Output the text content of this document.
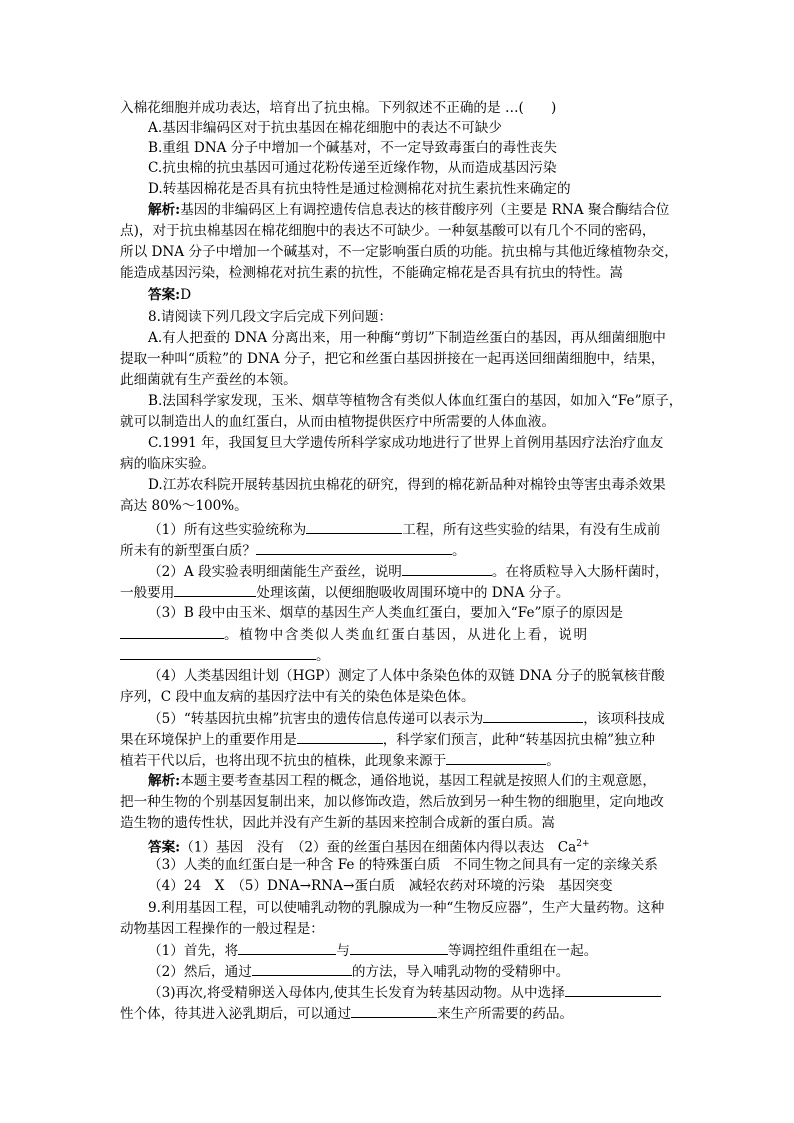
入棉花细胞并成功表达，培育出了抗虫棉。下列叙述不正确的是 …(　　)
A.基因非编码区对于抗虫基因在棉花细胞中的表达不可缺少
B.重组 DNA 分子中增加一个碱基对，不一定导致毒蛋白的毒性丧失
C.抗虫棉的抗虫基因可通过花粉传递至近缘作物，从而造成基因污染
D.转基因棉花是否具有抗虫特性是通过检测棉花对抗生素抗性来确定的
解析:基因的非编码区上有调控遗传信息表达的核苷酸序列（主要是 RNA 聚合酶结合位
点)，对于抗虫棉基因在棉花细胞中的表达不可缺少。一种氨基酸可以有几个不同的密码，
所以 DNA 分子中增加一个碱基对，不一定影响蛋白质的功能。抗虫棉与其他近缘植物杂交，
能造成基因污染，检测棉花对抗生素的抗性，不能确定棉花是否具有抗虫的特性。嵩
答案:D
8.请阅读下列几段文字后完成下列问题：
A.有人把蚕的 DNA 分离出来，用一种酶“剪切”下制造丝蛋白的基因，再从细菌细胞中
提取一种叫“质粒”的 DNA 分子，把它和丝蛋白基因拼接在一起再送回细菌细胞中，结果，
此细菌就有生产蚕丝的本领。
B.法国科学家发现，玉米、烟草等植物含有类似人体血红蛋白的基因，如加入“Fe”原子，
就可以制造出人的血红蛋白，从而由植物提供医疗中所需要的人体血液。
C.1991 年，我国复旦大学遗传所科学家成功地进行了世界上首例用基因疗法治疗血友
病的临床实验。
D.江苏农科院开展转基因抗虫棉花的研究，得到的棉花新品种对棉铃虫等害虫毒杀效果
高达 80%～100%。
（1）所有这些实验统称为	工程，所有这些实验的结果，有没有生成前
所未有的新型蛋白质？	。
（2）A 段实验表明细菌能生产蚕丝，说明	。在将质粒导入大肠杆菌时，
一般要用	处理该菌，以便细胞吸收周围环境中的 DNA 分子。
（3）B 段中由玉米、烟草的基因生产人类血红蛋白，要加入“Fe”原子的原因是
。植物中含类似人类血红蛋白基因，从进化上看，说明
。
（4）人类基因组计划（HGP）测定了人体中条染色体的双链 DNA 分子的脱氧核苷酸
序列，C 段中血友病的基因疗法中有关的染色体是染色体。
（5）“转基因抗虫棉”抗害虫的遗传信息传递可以表示为	，该项科技成
果在环境保护上的重要作用是	，科学家们预言，此种“转基因抗虫棉”独立种
植若干代以后，也将出现不抗虫的植株，此现象来源于	。
解析:本题主要考查基因工程的概念，通俗地说，基因工程就是按照人们的主观意愿，
把一种生物的个别基因复制出来，加以修饰改造，然后放到另一种生物的细胞里，定向地改
造生物的遗传性状，因此并没有产生新的基因来控制合成新的蛋白质。嵩
答案:（1）基因　没有　（2）蚕的丝蛋白基因在细菌体内得以表达　$Ca^{2+}$
（3）人类的血红蛋白是一种含 Fe 的特殊蛋白质　不同生物之间具有一定的亲缘关系
（4）24　X　（5）DNA→RNA→蛋白质　减轻农药对环境的污染　基因突变
9.利用基因工程，可以使哺乳动物的乳腺成为一种“生物反应器”，生产大量药物。这种
动物基因工程操作的一般过程是：
（1）首先，将	与	等调控组件重组在一起。
（2）然后，通过	的方法，导入哺乳动物的受精卵中。
（3)再次,将受精卵送入母体内,使其生长发育为转基因动物。从中选择
性个体，待其进入泌乳期后，可以通过	来生产所需要的药品。
